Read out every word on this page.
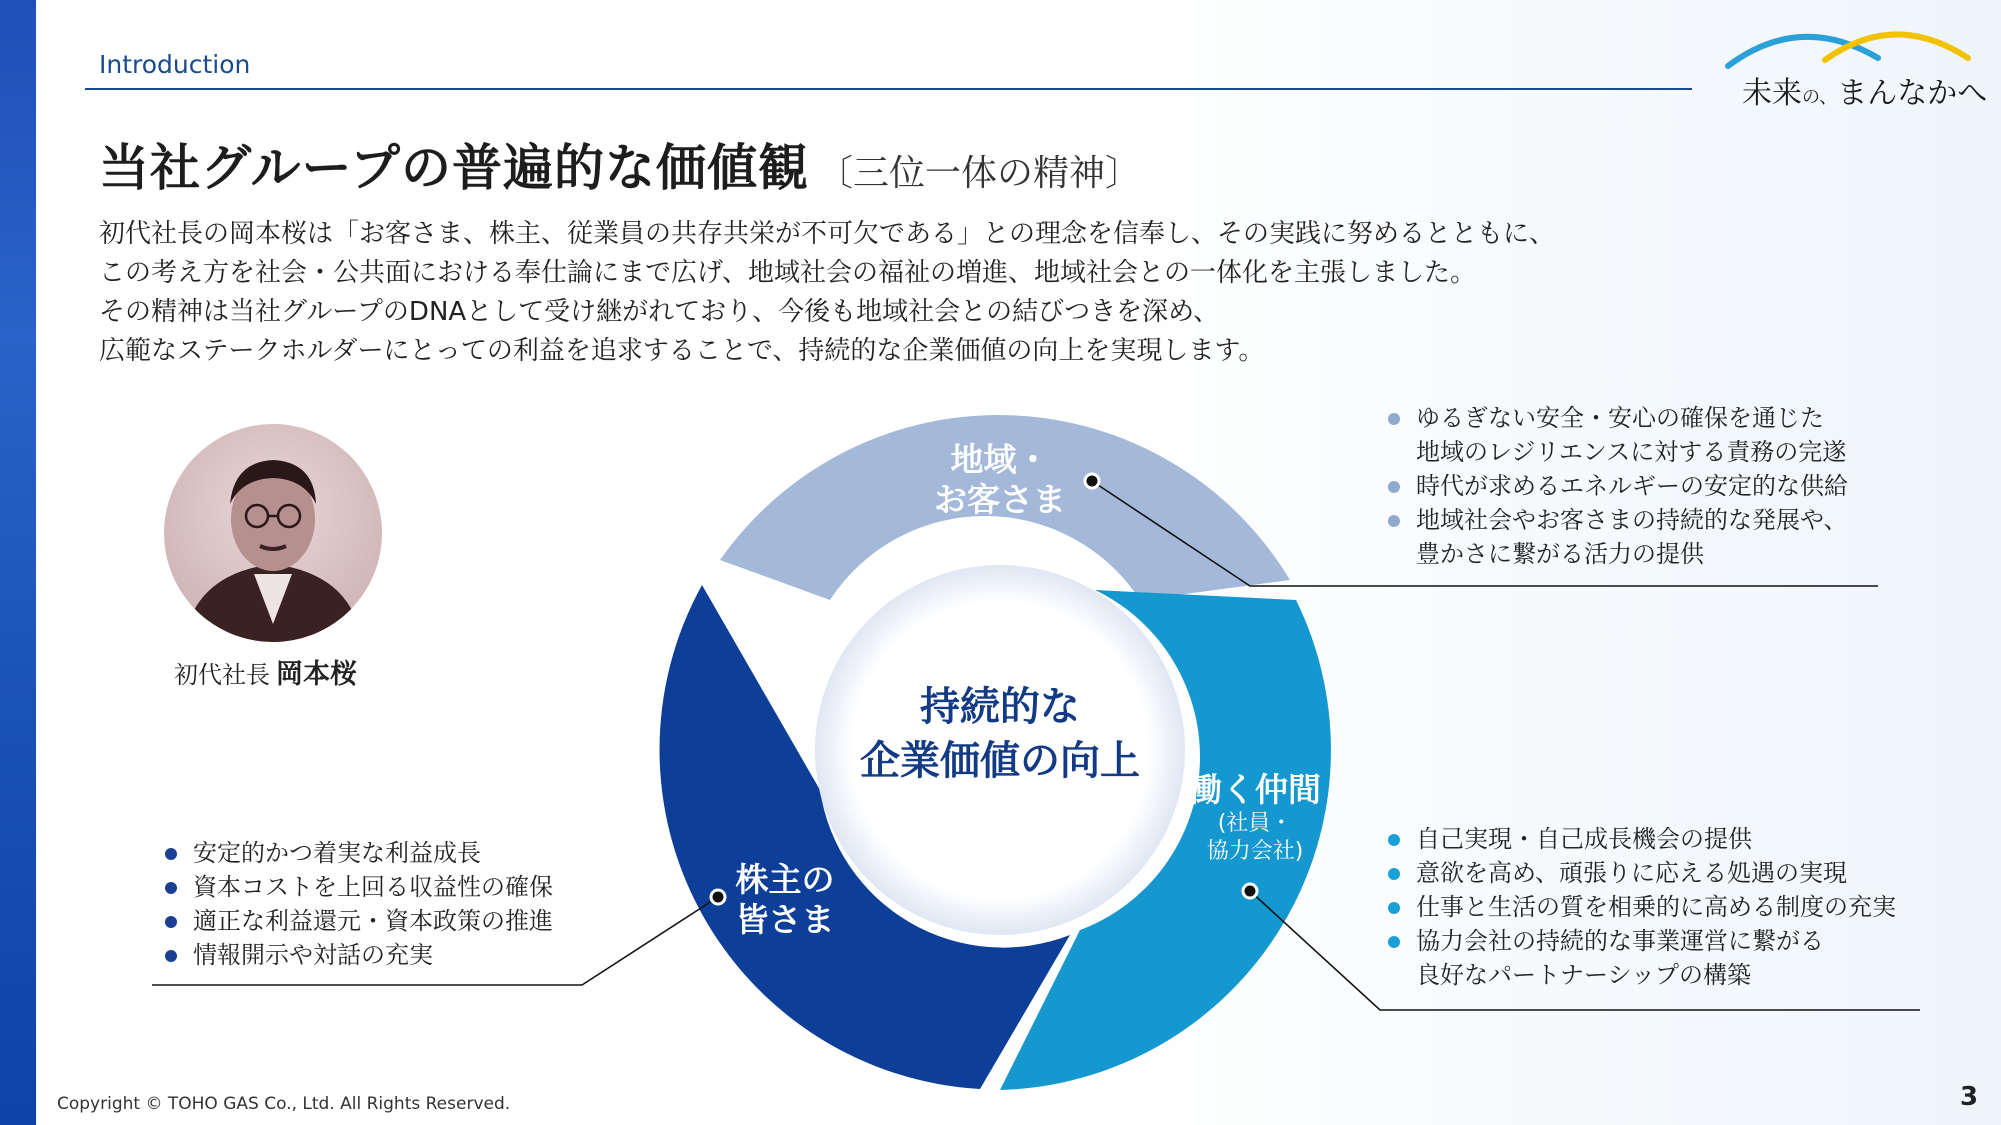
Introduction
当社グループの普遍的な価値観 〔三位一体の精神〕
初代社長の岡本桜は「お客さま、株主、従業員の共存共栄が不可欠である」との理念を信奉し、その実践に努めるとともに、
この考え方を社会・公共面における奉仕論にまで広げ、地域社会の福祉の増進、地域社会との一体化を主張しました。
その精神は当社グループのDNAとして受け継がれており、今後も地域社会との結びつきを深め、
広範なステークホルダーにとっての利益を追求することで、持続的な企業価値の向上を実現します。
未来の、まんなかへ
初代社長 岡本桜
地域・
お客さま
働く仲間
(社員・
協力会社)
株主の
皆さま
持続的な
企業価値の向上
ゆるぎない安全・安心の確保を通じた
地域のレジリエンスに対する責務の完遂
時代が求めるエネルギーの安定的な供給
地域社会やお客さまの持続的な発展や、
豊かさに繋がる活力の提供
自己実現・自己成長機会の提供
意欲を高め、頑張りに応える処遇の実現
仕事と生活の質を相乗的に高める制度の充実
協力会社の持続的な事業運営に繋がる
良好なパートナーシップの構築
安定的かつ着実な利益成長
資本コストを上回る収益性の確保
適正な利益還元・資本政策の推進
情報開示や対話の充実
Copyright © TOHO GAS Co., Ltd. All Rights Reserved.	3
